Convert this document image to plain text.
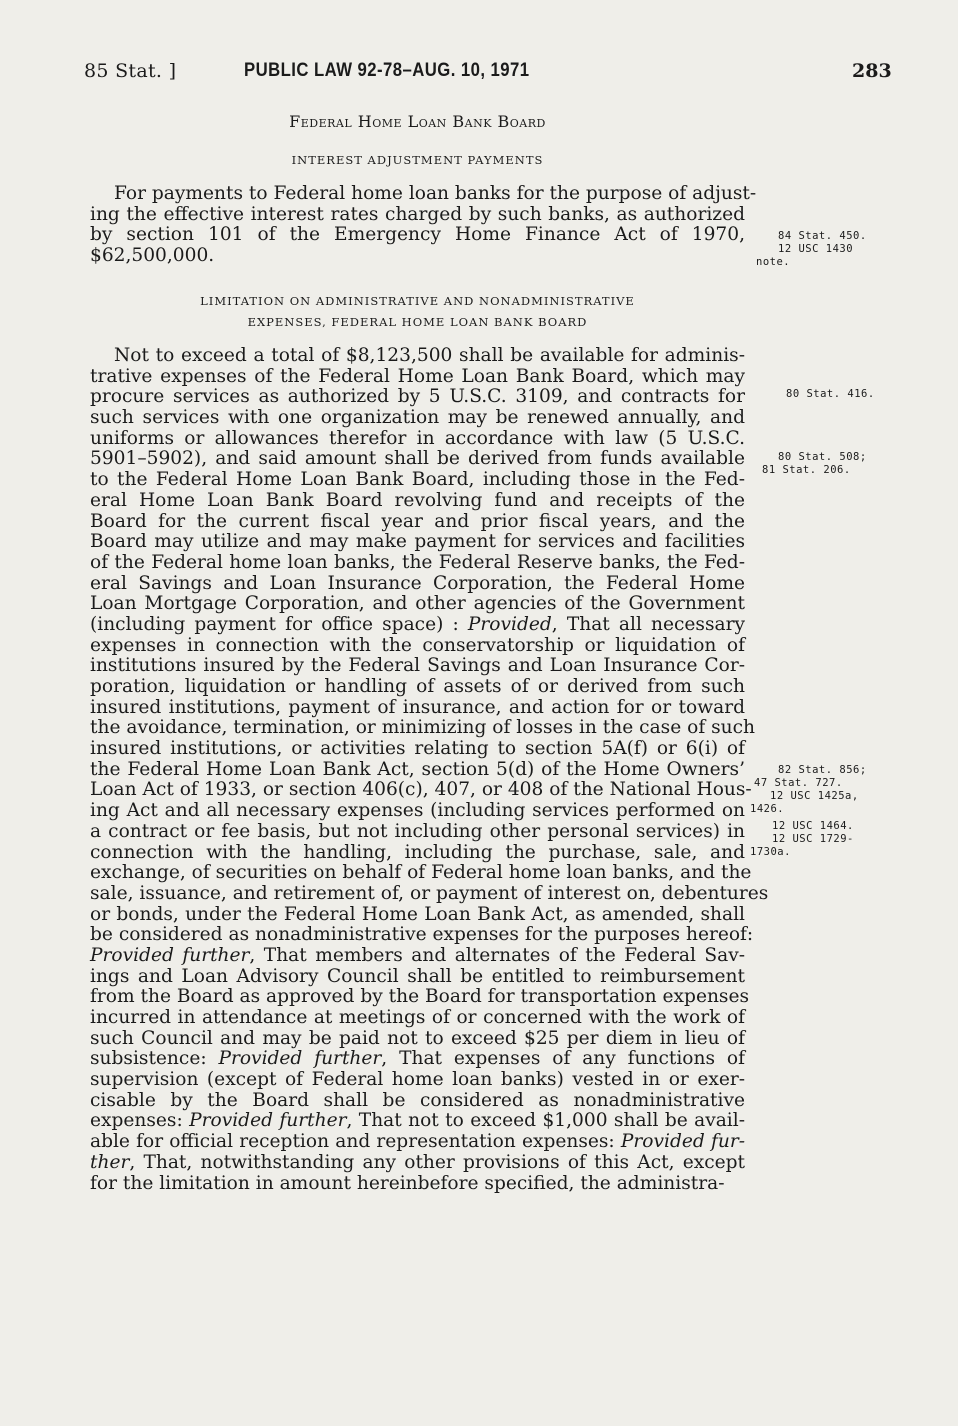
85 Stat. ]	PUBLIC LAW 92-78–AUG. 10, 1971	283
Federal Home Loan Bank Board
INTEREST ADJUSTMENT PAYMENTS
For payments to Federal home loan banks for the purpose of adjust-
ing the effective interest rates charged by such banks, as authorized
by section 101 of the Emergency Home Finance Act of 1970,
$62,500,000.
LIMITATION ON ADMINISTRATIVE AND NONADMINISTRATIVE
EXPENSES, FEDERAL HOME LOAN BANK BOARD
Not to exceed a total of $8,123,500 shall be available for adminis-
trative expenses of the Federal Home Loan Bank Board, which may
procure services as authorized by 5 U.S.C. 3109, and contracts for
such services with one organization may be renewed annually, and
uniforms or allowances therefor in accordance with law (5 U.S.C.
5901–5902), and said amount shall be derived from funds available
to the Federal Home Loan Bank Board, including those in the Fed-
eral Home Loan Bank Board revolving fund and receipts of the
Board for the current fiscal year and prior fiscal years, and the
Board may utilize and may make payment for services and facilities
of the Federal home loan banks, the Federal Reserve banks, the Fed-
eral Savings and Loan Insurance Corporation, the Federal Home
Loan Mortgage Corporation, and other agencies of the Government
(including payment for office space) : Provided, That all necessary
expenses in connection with the conservatorship or liquidation of
institutions insured by the Federal Savings and Loan Insurance Cor-
poration, liquidation or handling of assets of or derived from such
insured institutions, payment of insurance, and action for or toward
the avoidance, termination, or minimizing of losses in the case of such
insured institutions, or activities relating to section 5A(f) or 6(i) of
the Federal Home Loan Bank Act, section 5(d) of the Home Owners’
Loan Act of 1933, or section 406(c), 407, or 408 of the National Hous-
ing Act and all necessary expenses (including services performed on
a contract or fee basis, but not including other personal services) in
connection with the handling, including the purchase, sale, and
exchange, of securities on behalf of Federal home loan banks, and the
sale, issuance, and retirement of, or payment of interest on, debentures
or bonds, under the Federal Home Loan Bank Act, as amended, shall
be considered as nonadministrative expenses for the purposes hereof:
Provided further, That members and alternates of the Federal Sav-
ings and Loan Advisory Council shall be entitled to reimbursement
from the Board as approved by the Board for transportation expenses
incurred in attendance at meetings of or concerned with the work of
such Council and may be paid not to exceed $25 per diem in lieu of
subsistence: Provided further, That expenses of any functions of
supervision (except of Federal home loan banks) vested in or exer-
cisable by the Board shall be considered as nonadministrative
expenses: Provided further, That not to exceed $1,000 shall be avail-
able for official reception and representation expenses: Provided fur-
ther, That, notwithstanding any other provisions of this Act, except
for the limitation in amount hereinbefore specified, the administra-
84 Stat. 450.
12 USC 1430
note.
80 Stat. 416.
80 Stat. 508;
81 Stat. 206.
82 Stat. 856;
47 Stat. 727.
12 USC 1425a,
1426.
12 USC 1464.
12 USC 1729-
1730a.
